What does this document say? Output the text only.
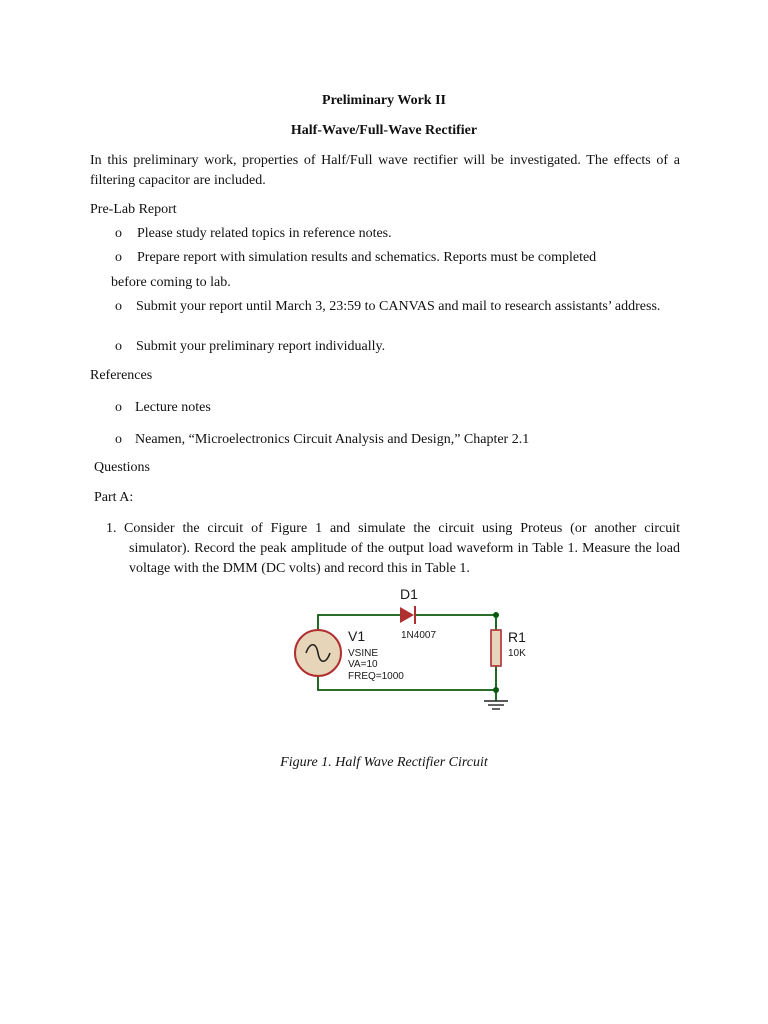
Preliminary Work II
Half-Wave/Full-Wave Rectifier
In this preliminary work, properties of Half/Full wave rectifier will be investigated. The effects of a filtering capacitor are included.
Pre-Lab Report
o Please study related topics in reference notes.
o Prepare report with simulation results and schematics. Reports must be completed
before coming to lab.
o Submit your report until March 3, 23:59 to CANVAS and mail to research assistants’ address.
o Submit your preliminary report individually.
References
o Lecture notes
o Neamen, “Microelectronics Circuit Analysis and Design,” Chapter 2.1
Questions
Part A:
1. Consider the circuit of Figure 1 and simulate the circuit using Proteus (or another circuit simulator). Record the peak amplitude of the output load waveform in Table 1. Measure the load voltage with the DMM (DC volts) and record this in Table 1.
D1
1N4007
V1
VSINE
VA=10
FREQ=1000
R1
10K
Figure 1. Half Wave Rectifier Circuit
